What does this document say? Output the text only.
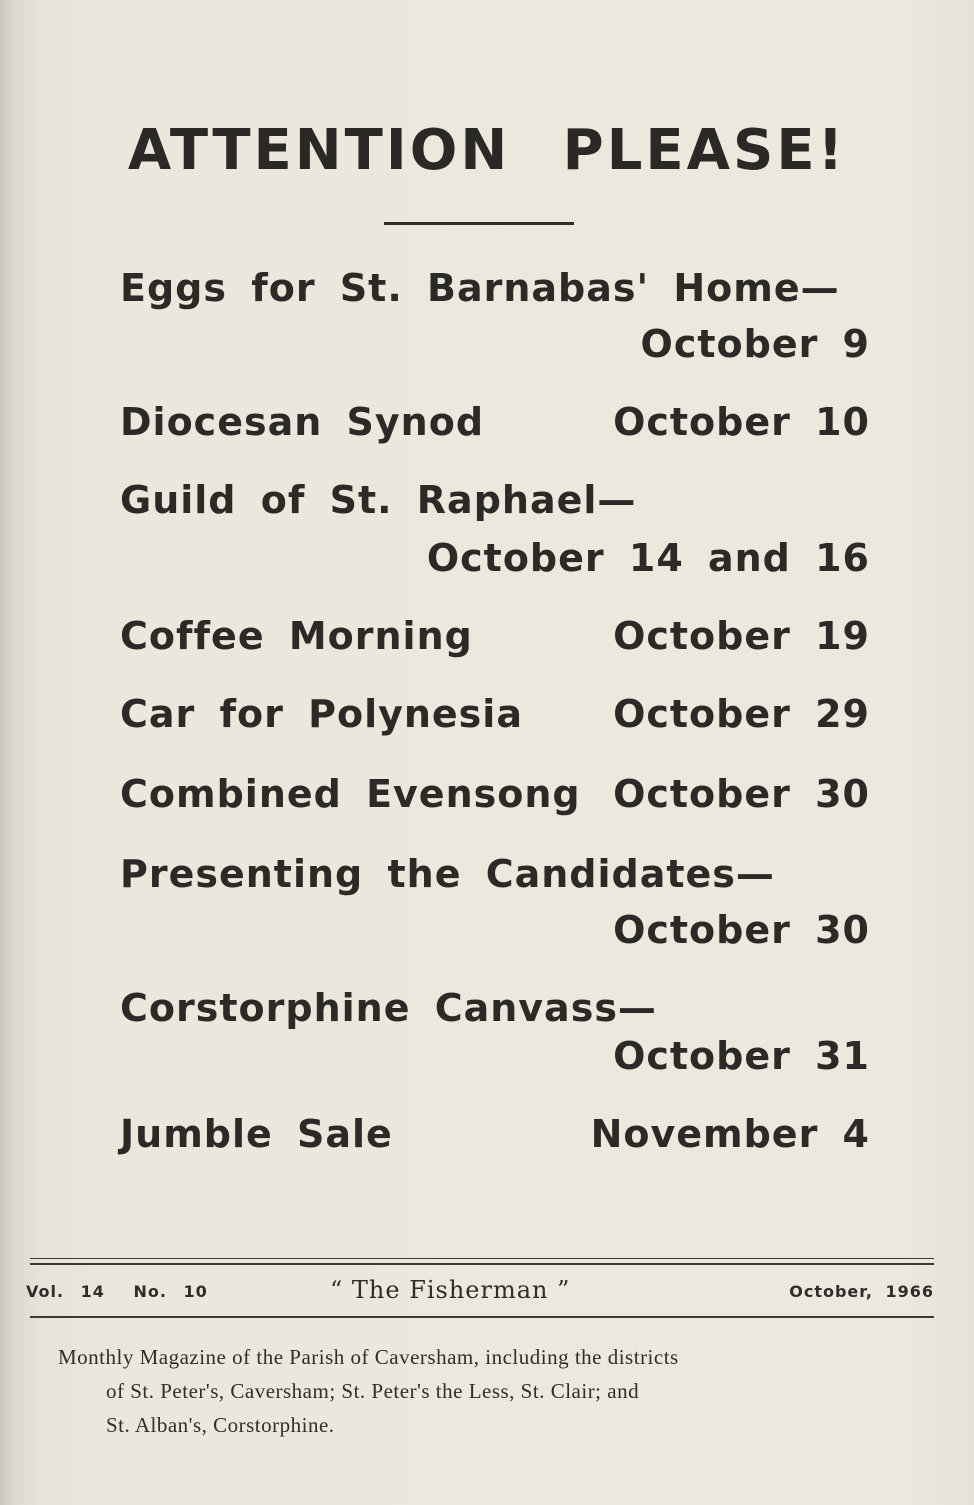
ATTENTION PLEASE!
Eggs for St. Barnabas' Home—
October 9
Diocesan Synod	October 10
Guild of St. Raphael—
October 14 and 16
Coffee Morning	October 19
Car for Polynesia October 29
Combined Evensong October 30
Presenting the Candidates—
October 30
Corstorphine Canvass—
October 31
Jumble Sale	November 4
Vol. 14 No. 10	“ The Fisherman ”	October, 1966
Monthly Magazine of the Parish of Caversham, including the districts
of St. Peter's, Caversham; St. Peter's the Less, St. Clair; and
St. Alban's, Corstorphine.
